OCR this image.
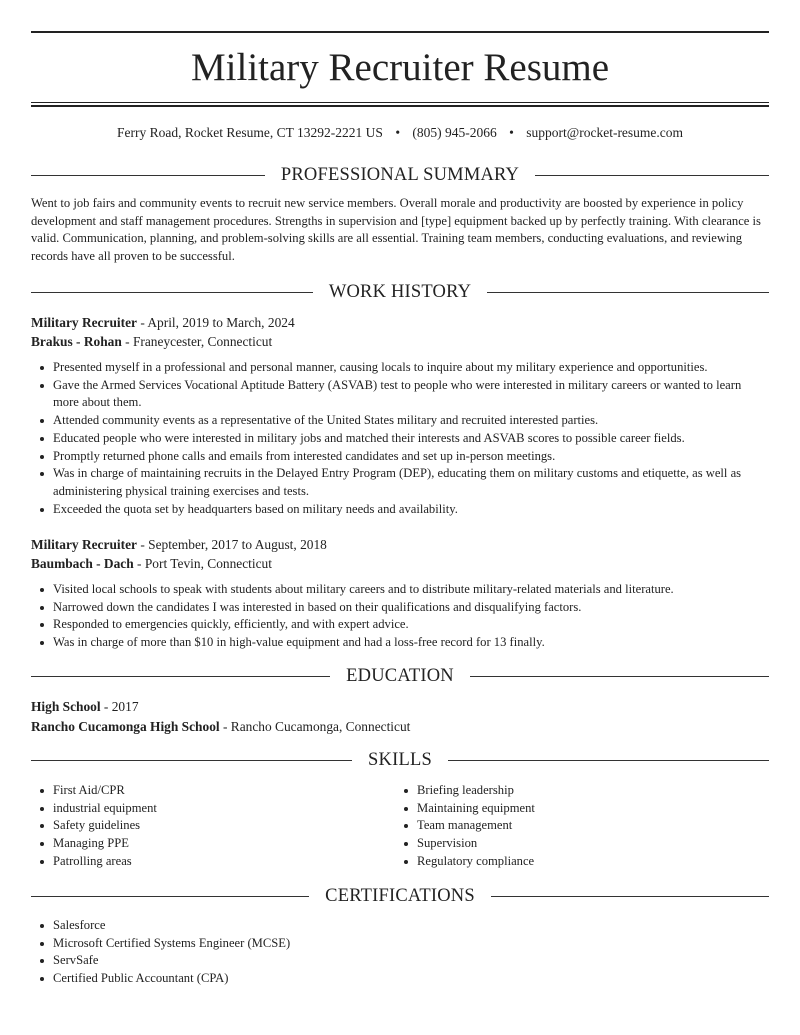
Military Recruiter Resume
Ferry Road, Rocket Resume, CT 13292-2221 US • (805) 945-2066 • support@rocket-resume.com
PROFESSIONAL SUMMARY

Went to job fairs and community events to recruit new service members. Overall morale and productivity are boosted by experience in policy development and staff management procedures. Strengths in supervision and [type] equipment backed up by perfectly training. With clearance is valid. Communication, planning, and problem-solving skills are all essential. Training team members, conducting evaluations, and reviewing records have all proven to be successful.

WORK HISTORY
Military Recruiter - April, 2019 to March, 2024
Brakus - Rohan - Franeycester, Connecticut
Presented myself in a professional and personal manner, causing locals to inquire about my military experience and opportunities.
Gave the Armed Services Vocational Aptitude Battery (ASVAB) test to people who were interested in military careers or wanted to learn more about them.
Attended community events as a representative of the United States military and recruited interested parties.
Educated people who were interested in military jobs and matched their interests and ASVAB scores to possible career fields.
Promptly returned phone calls and emails from interested candidates and set up in-person meetings.
Was in charge of maintaining recruits in the Delayed Entry Program (DEP), educating them on military customs and etiquette, as well as administering physical training exercises and tests.
Exceeded the quota set by headquarters based on military needs and availability.
Military Recruiter - September, 2017 to August, 2018
Baumbach - Dach - Port Tevin, Connecticut
Visited local schools to speak with students about military careers and to distribute military-related materials and literature.
Narrowed down the candidates I was interested in based on their qualifications and disqualifying factors.
Responded to emergencies quickly, efficiently, and with expert advice.
Was in charge of more than $10 in high-value equipment and had a loss-free record for 13 finally.
EDUCATION
High School - 2017
Rancho Cucamonga High School - Rancho Cucamonga, Connecticut
SKILLS
First Aid/CPR
industrial equipment
Safety guidelines
Managing PPE
Patrolling areas
Briefing leadership
Maintaining equipment
Team management
Supervision
Regulatory compliance
CERTIFICATIONS
Salesforce
Microsoft Certified Systems Engineer (MCSE)
ServSafe
Certified Public Accountant (CPA)
